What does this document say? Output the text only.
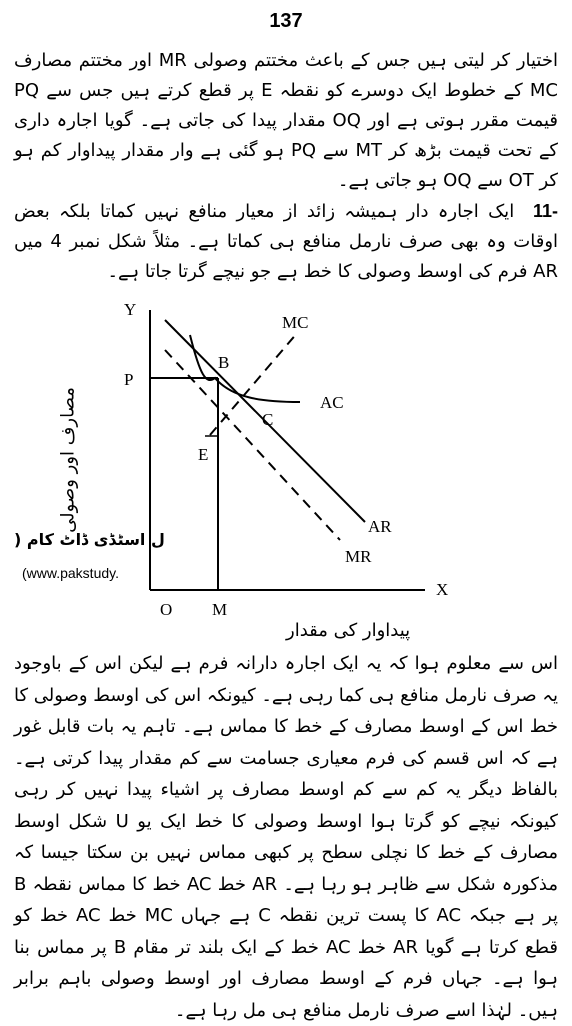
137
اختیار کر لیتی ہیں جس کے باعث مختتم وصولی MR اور مختتم مصارف MC کے خطوط ایک دوسرے کو نقطہ E پر قطع کرتے ہیں جس سے PQ قیمت مقرر ہوتی ہے اور OQ مقدار پیدا کی جاتی ہے۔ گویا اجارہ داری کے تحت قیمت بڑھ کر MT سے PQ ہو گئی ہے وار مقدار پیداوار کم ہو کر OT سے OQ ہو جاتی ہے۔
-11  ایک اجارہ دار ہمیشہ زائد از معیار منافع نہیں کماتا بلکہ بعض اوقات وہ بھی صرف نارمل منافع ہی کماتا ہے۔ مثلاً شکل نمبر 4 میں AR فرم کی اوسط وصولی کا خط ہے جو نیچے گرتا جاتا ہے۔
Y
P
MC
B
AC
C
E
AR
MR
X
O M
مصارف اور وصولی
پیداوار کی مقدار
ل اسٹڈی ڈاٹ کام (
(www.pakstudy.
اس سے معلوم ہوا کہ یہ ایک اجارہ دارانہ فرم ہے لیکن اس کے باوجود یہ صرف نارمل منافع ہی کما رہی ہے۔ کیونکہ اس کی اوسط وصولی کا خط اس کے اوسط مصارف کے خط کا مماس ہے۔ تاہم یہ بات قابل غور ہے کہ اس قسم کی فرم معیاری جسامت سے کم مقدار پیدا کرتی ہے۔ بالفاظ دیگر یہ کم سے کم اوسط مصارف پر اشیاء پیدا نہیں کر رہی کیونکہ نیچے کو گرتا ہوا اوسط وصولی کا خط ایک یو U شکل اوسط مصارف کے خط کا نچلی سطح پر کبھی مماس نہیں بن سکتا جیسا کہ مذکورہ شکل سے ظاہر ہو رہا ہے۔ AR خط AC خط کا مماس نقطہ B پر ہے جبکہ AC کا پست ترین نقطہ C ہے جہاں MC خط AC خط کو قطع کرتا ہے گویا AR خط AC خط کے ایک بلند تر مقام B پر مماس بنا ہوا ہے۔ جہاں فرم کے اوسط مصارف اور اوسط وصولی باہم برابر ہیں۔ لہٰذا اسے صرف نارمل منافع ہی مل رہا ہے۔
